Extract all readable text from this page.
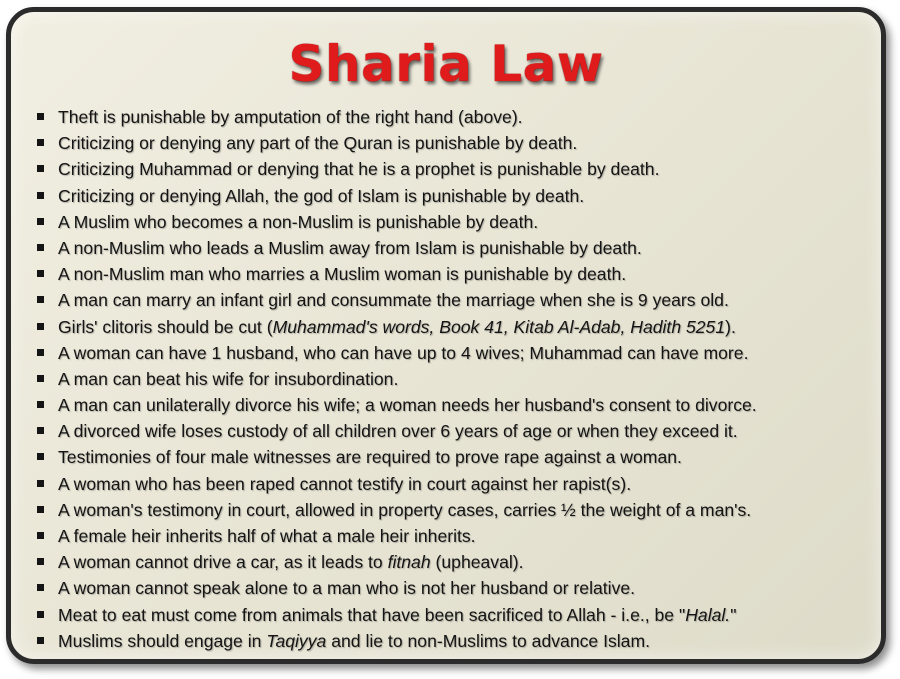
Sharia Law
Theft is punishable by amputation of the right hand (above).
Criticizing or denying any part of the Quran is punishable by death.
Criticizing Muhammad or denying that he is a prophet is punishable by death.
Criticizing or denying Allah, the god of Islam is punishable by death.
A Muslim who becomes a non-Muslim is punishable by death.
A non-Muslim who leads a Muslim away from Islam is punishable by death.
A non-Muslim man who marries a Muslim woman is punishable by death.
A man can marry an infant girl and consummate the marriage when she is 9 years old.
Girls' clitoris should be cut (Muhammad's words, Book 41, Kitab Al-Adab, Hadith 5251).
A woman can have 1 husband, who can have up to 4 wives; Muhammad can have more.
A man can beat his wife for insubordination.
A man can unilaterally divorce his wife; a woman needs her husband's consent to divorce.
A divorced wife loses custody of all children over 6 years of age or when they exceed it.
Testimonies of four male witnesses are required to prove rape against a woman.
A woman who has been raped cannot testify in court against her rapist(s).
A woman's testimony in court, allowed in property cases, carries ½ the weight of a man's.
A female heir inherits half of what a male heir inherits.
A woman cannot drive a car, as it leads to fitnah (upheaval).
A woman cannot speak alone to a man who is not her husband or relative.
Meat to eat must come from animals that have been sacrificed to Allah - i.e., be "Halal."
Muslims should engage in Taqiyya and lie to non-Muslims to advance Islam.
